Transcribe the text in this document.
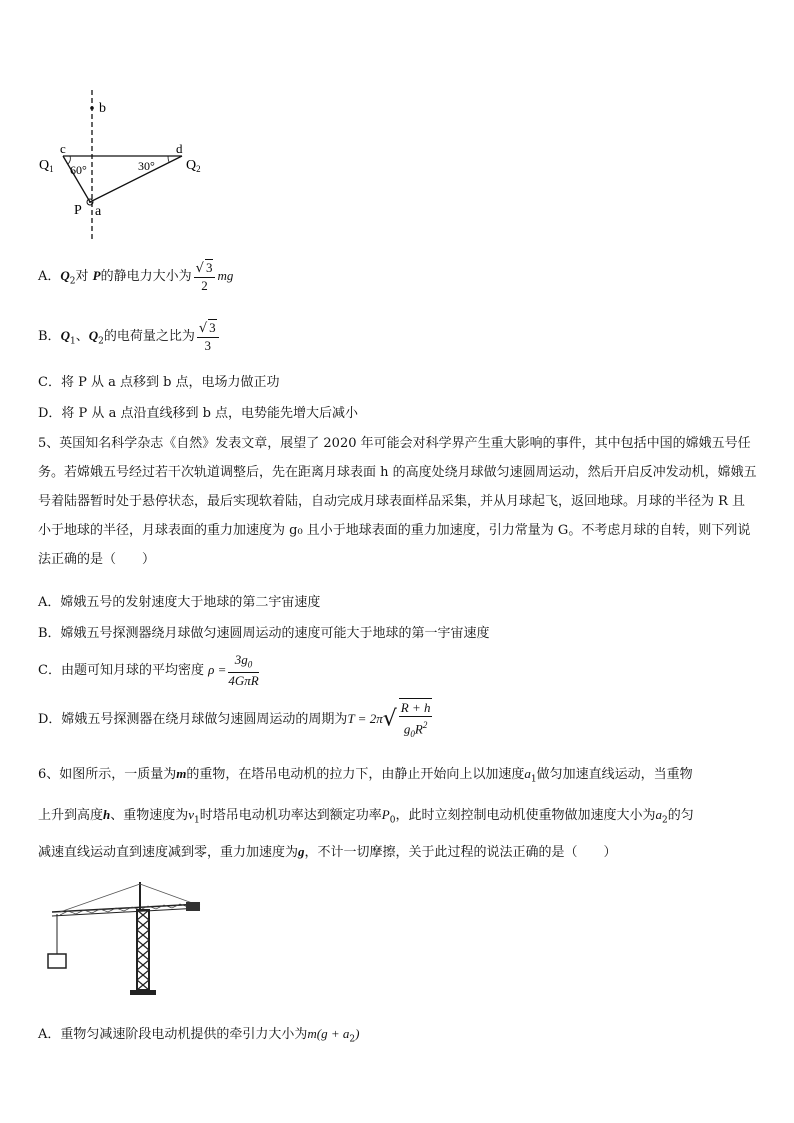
b
$Q_1$
c	d
$Q_2$
60°	30°
P a
A．$Q_2$对 P的静电力大小为 $\frac{√ 3}{2}$ mg
B．$Q_1$、$Q_2$的电荷量之比为 $\frac{√ 3}{3}$
C．将 P 从 a 点移到 b 点，电场力做正功
D．将 P 从 a 点沿直线移到 b 点，电势能先增大后减小
5、英国知名科学杂志《自然》发表文章，展望了 2020 年可能会对科学界产生重大影响的事件，其中包括中国的嫦娥五号任务。若嫦娥五号经过若干次轨道调整后，先在距离月球表面 h 的高度处绕月球做匀速圆周运动，然后开启反冲发动机，嫦娥五号着陆器暂时处于悬停状态，最后实现软着陆，自动完成月球表面样品采集，并从月球起飞，返回地球。月球的半径为 R 且小于地球的半径，月球表面的重力加速度为 g₀ 且小于地球表面的重力加速度，引力常量为 G。不考虑月球的自转，则下列说法正确的是（　　）
A．嫦娥五号的发射速度大于地球的第二宇宙速度
B．嫦娥五号探测器绕月球做匀速圆周运动的速度可能大于地球的第一宇宙速度
C．由题可知月球的平均密度 $\rho = \frac{3g_0}{\text{4GπR}}$
D．嫦娥五号探测器在绕月球做匀速圆周运动的周期为$T = 2\pi√ \frac{R + h}{g_0R^2}$
6、如图所示，一质量为m的重物，在塔吊电动机的拉力下，由静止开始向上以加速度$a_1$做匀加速直线运动，当重物
上升到高度h、重物速度为$v_1$时塔吊电动机功率达到额定功率$P_0$，此时立刻控制电动机使重物做加速度大小为$a_2$的匀
减速直线运动直到速度减到零，重力加速度为g，不计一切摩擦，关于此过程的说法正确的是（　　）
A．重物匀减速阶段电动机提供的牵引力大小为$m(g + a_2)$
